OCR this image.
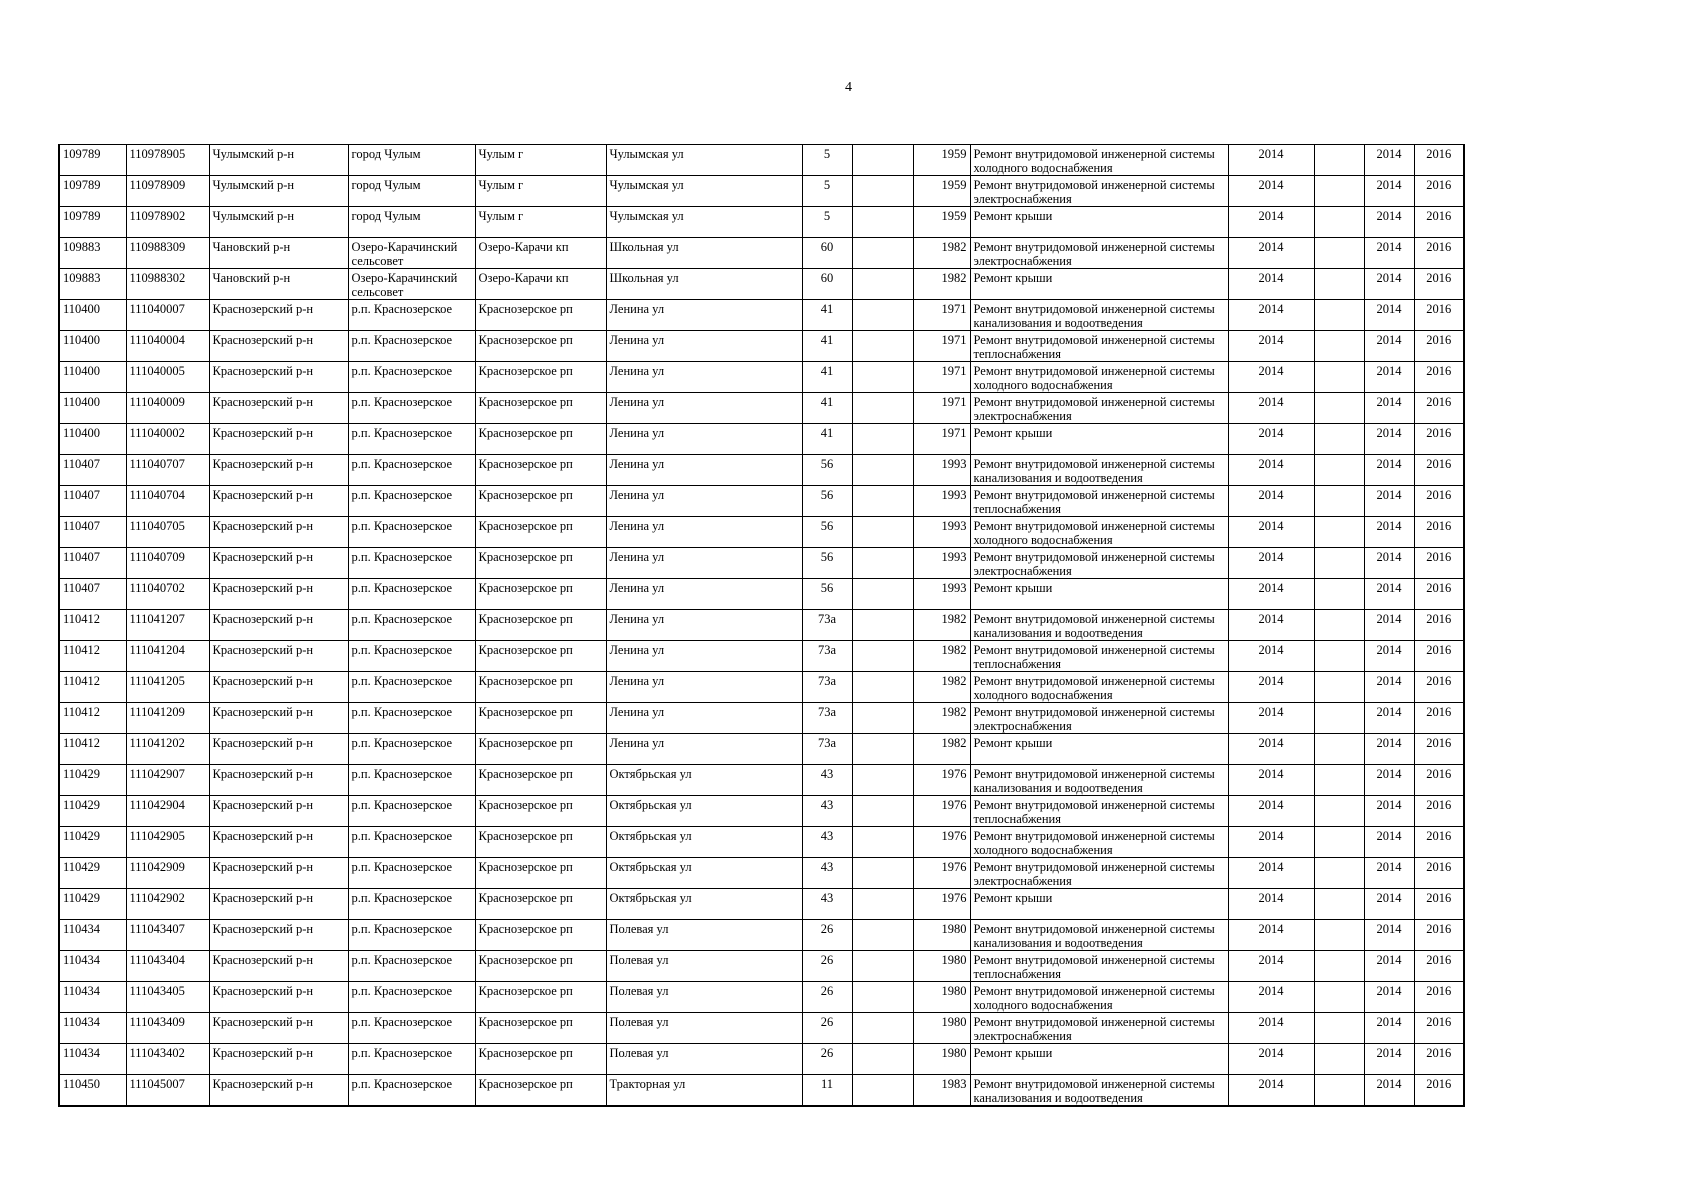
4
109789	110978905	Чулымский р-н	город Чулым	Чулым г	Чулымская ул	5		1959	Ремонт внутридомовой инженерной системы холодного водоснабжения	2014		2014	2016
109789	110978909	Чулымский р-н	город Чулым	Чулым г	Чулымская ул	5		1959	Ремонт внутридомовой инженерной системы электроснабжения	2014		2014	2016
109789	110978902	Чулымский р-н	город Чулым	Чулым г	Чулымская ул	5		1959	Ремонт крыши	2014		2014	2016
109883	110988309	Чановский р-н	Озеро-Карачинский сельсовет	Озеро-Карачи кп	Школьная ул	60		1982	Ремонт внутридомовой инженерной системы электроснабжения	2014		2014	2016
109883	110988302	Чановский р-н	Озеро-Карачинский сельсовет	Озеро-Карачи кп	Школьная ул	60		1982	Ремонт крыши	2014		2014	2016
110400	111040007	Краснозерский р-н	р.п. Краснозерское	Краснозерское рп	Ленина ул	41		1971	Ремонт внутридомовой инженерной системы канализования и водоотведения	2014		2014	2016
110400	111040004	Краснозерский р-н	р.п. Краснозерское	Краснозерское рп	Ленина ул	41		1971	Ремонт внутридомовой инженерной системы теплоснабжения	2014		2014	2016
110400	111040005	Краснозерский р-н	р.п. Краснозерское	Краснозерское рп	Ленина ул	41		1971	Ремонт внутридомовой инженерной системы холодного водоснабжения	2014		2014	2016
110400	111040009	Краснозерский р-н	р.п. Краснозерское	Краснозерское рп	Ленина ул	41		1971	Ремонт внутридомовой инженерной системы электроснабжения	2014		2014	2016
110400	111040002	Краснозерский р-н	р.п. Краснозерское	Краснозерское рп	Ленина ул	41		1971	Ремонт крыши	2014		2014	2016
110407	111040707	Краснозерский р-н	р.п. Краснозерское	Краснозерское рп	Ленина ул	56		1993	Ремонт внутридомовой инженерной системы канализования и водоотведения	2014		2014	2016
110407	111040704	Краснозерский р-н	р.п. Краснозерское	Краснозерское рп	Ленина ул	56		1993	Ремонт внутридомовой инженерной системы теплоснабжения	2014		2014	2016
110407	111040705	Краснозерский р-н	р.п. Краснозерское	Краснозерское рп	Ленина ул	56		1993	Ремонт внутридомовой инженерной системы холодного водоснабжения	2014		2014	2016
110407	111040709	Краснозерский р-н	р.п. Краснозерское	Краснозерское рп	Ленина ул	56		1993	Ремонт внутридомовой инженерной системы электроснабжения	2014		2014	2016
110407	111040702	Краснозерский р-н	р.п. Краснозерское	Краснозерское рп	Ленина ул	56		1993	Ремонт крыши	2014		2014	2016
110412	111041207	Краснозерский р-н	р.п. Краснозерское	Краснозерское рп	Ленина ул	73а		1982	Ремонт внутридомовой инженерной системы канализования и водоотведения	2014		2014	2016
110412	111041204	Краснозерский р-н	р.п. Краснозерское	Краснозерское рп	Ленина ул	73а		1982	Ремонт внутридомовой инженерной системы теплоснабжения	2014		2014	2016
110412	111041205	Краснозерский р-н	р.п. Краснозерское	Краснозерское рп	Ленина ул	73а		1982	Ремонт внутридомовой инженерной системы холодного водоснабжения	2014		2014	2016
110412	111041209	Краснозерский р-н	р.п. Краснозерское	Краснозерское рп	Ленина ул	73а		1982	Ремонт внутридомовой инженерной системы электроснабжения	2014		2014	2016
110412	111041202	Краснозерский р-н	р.п. Краснозерское	Краснозерское рп	Ленина ул	73а		1982	Ремонт крыши	2014		2014	2016
110429	111042907	Краснозерский р-н	р.п. Краснозерское	Краснозерское рп	Октябрьская ул	43		1976	Ремонт внутридомовой инженерной системы канализования и водоотведения	2014		2014	2016
110429	111042904	Краснозерский р-н	р.п. Краснозерское	Краснозерское рп	Октябрьская ул	43		1976	Ремонт внутридомовой инженерной системы теплоснабжения	2014		2014	2016
110429	111042905	Краснозерский р-н	р.п. Краснозерское	Краснозерское рп	Октябрьская ул	43		1976	Ремонт внутридомовой инженерной системы холодного водоснабжения	2014		2014	2016
110429	111042909	Краснозерский р-н	р.п. Краснозерское	Краснозерское рп	Октябрьская ул	43		1976	Ремонт внутридомовой инженерной системы электроснабжения	2014		2014	2016
110429	111042902	Краснозерский р-н	р.п. Краснозерское	Краснозерское рп	Октябрьская ул	43		1976	Ремонт крыши	2014		2014	2016
110434	111043407	Краснозерский р-н	р.п. Краснозерское	Краснозерское рп	Полевая ул	26		1980	Ремонт внутридомовой инженерной системы канализования и водоотведения	2014		2014	2016
110434	111043404	Краснозерский р-н	р.п. Краснозерское	Краснозерское рп	Полевая ул	26		1980	Ремонт внутридомовой инженерной системы теплоснабжения	2014		2014	2016
110434	111043405	Краснозерский р-н	р.п. Краснозерское	Краснозерское рп	Полевая ул	26		1980	Ремонт внутридомовой инженерной системы холодного водоснабжения	2014		2014	2016
110434	111043409	Краснозерский р-н	р.п. Краснозерское	Краснозерское рп	Полевая ул	26		1980	Ремонт внутридомовой инженерной системы электроснабжения	2014		2014	2016
110434	111043402	Краснозерский р-н	р.п. Краснозерское	Краснозерское рп	Полевая ул	26		1980	Ремонт крыши	2014		2014	2016
110450	111045007	Краснозерский р-н	р.п. Краснозерское	Краснозерское рп	Тракторная ул	11		1983	Ремонт внутридомовой инженерной системы канализования и водоотведения	2014		2014	2016
